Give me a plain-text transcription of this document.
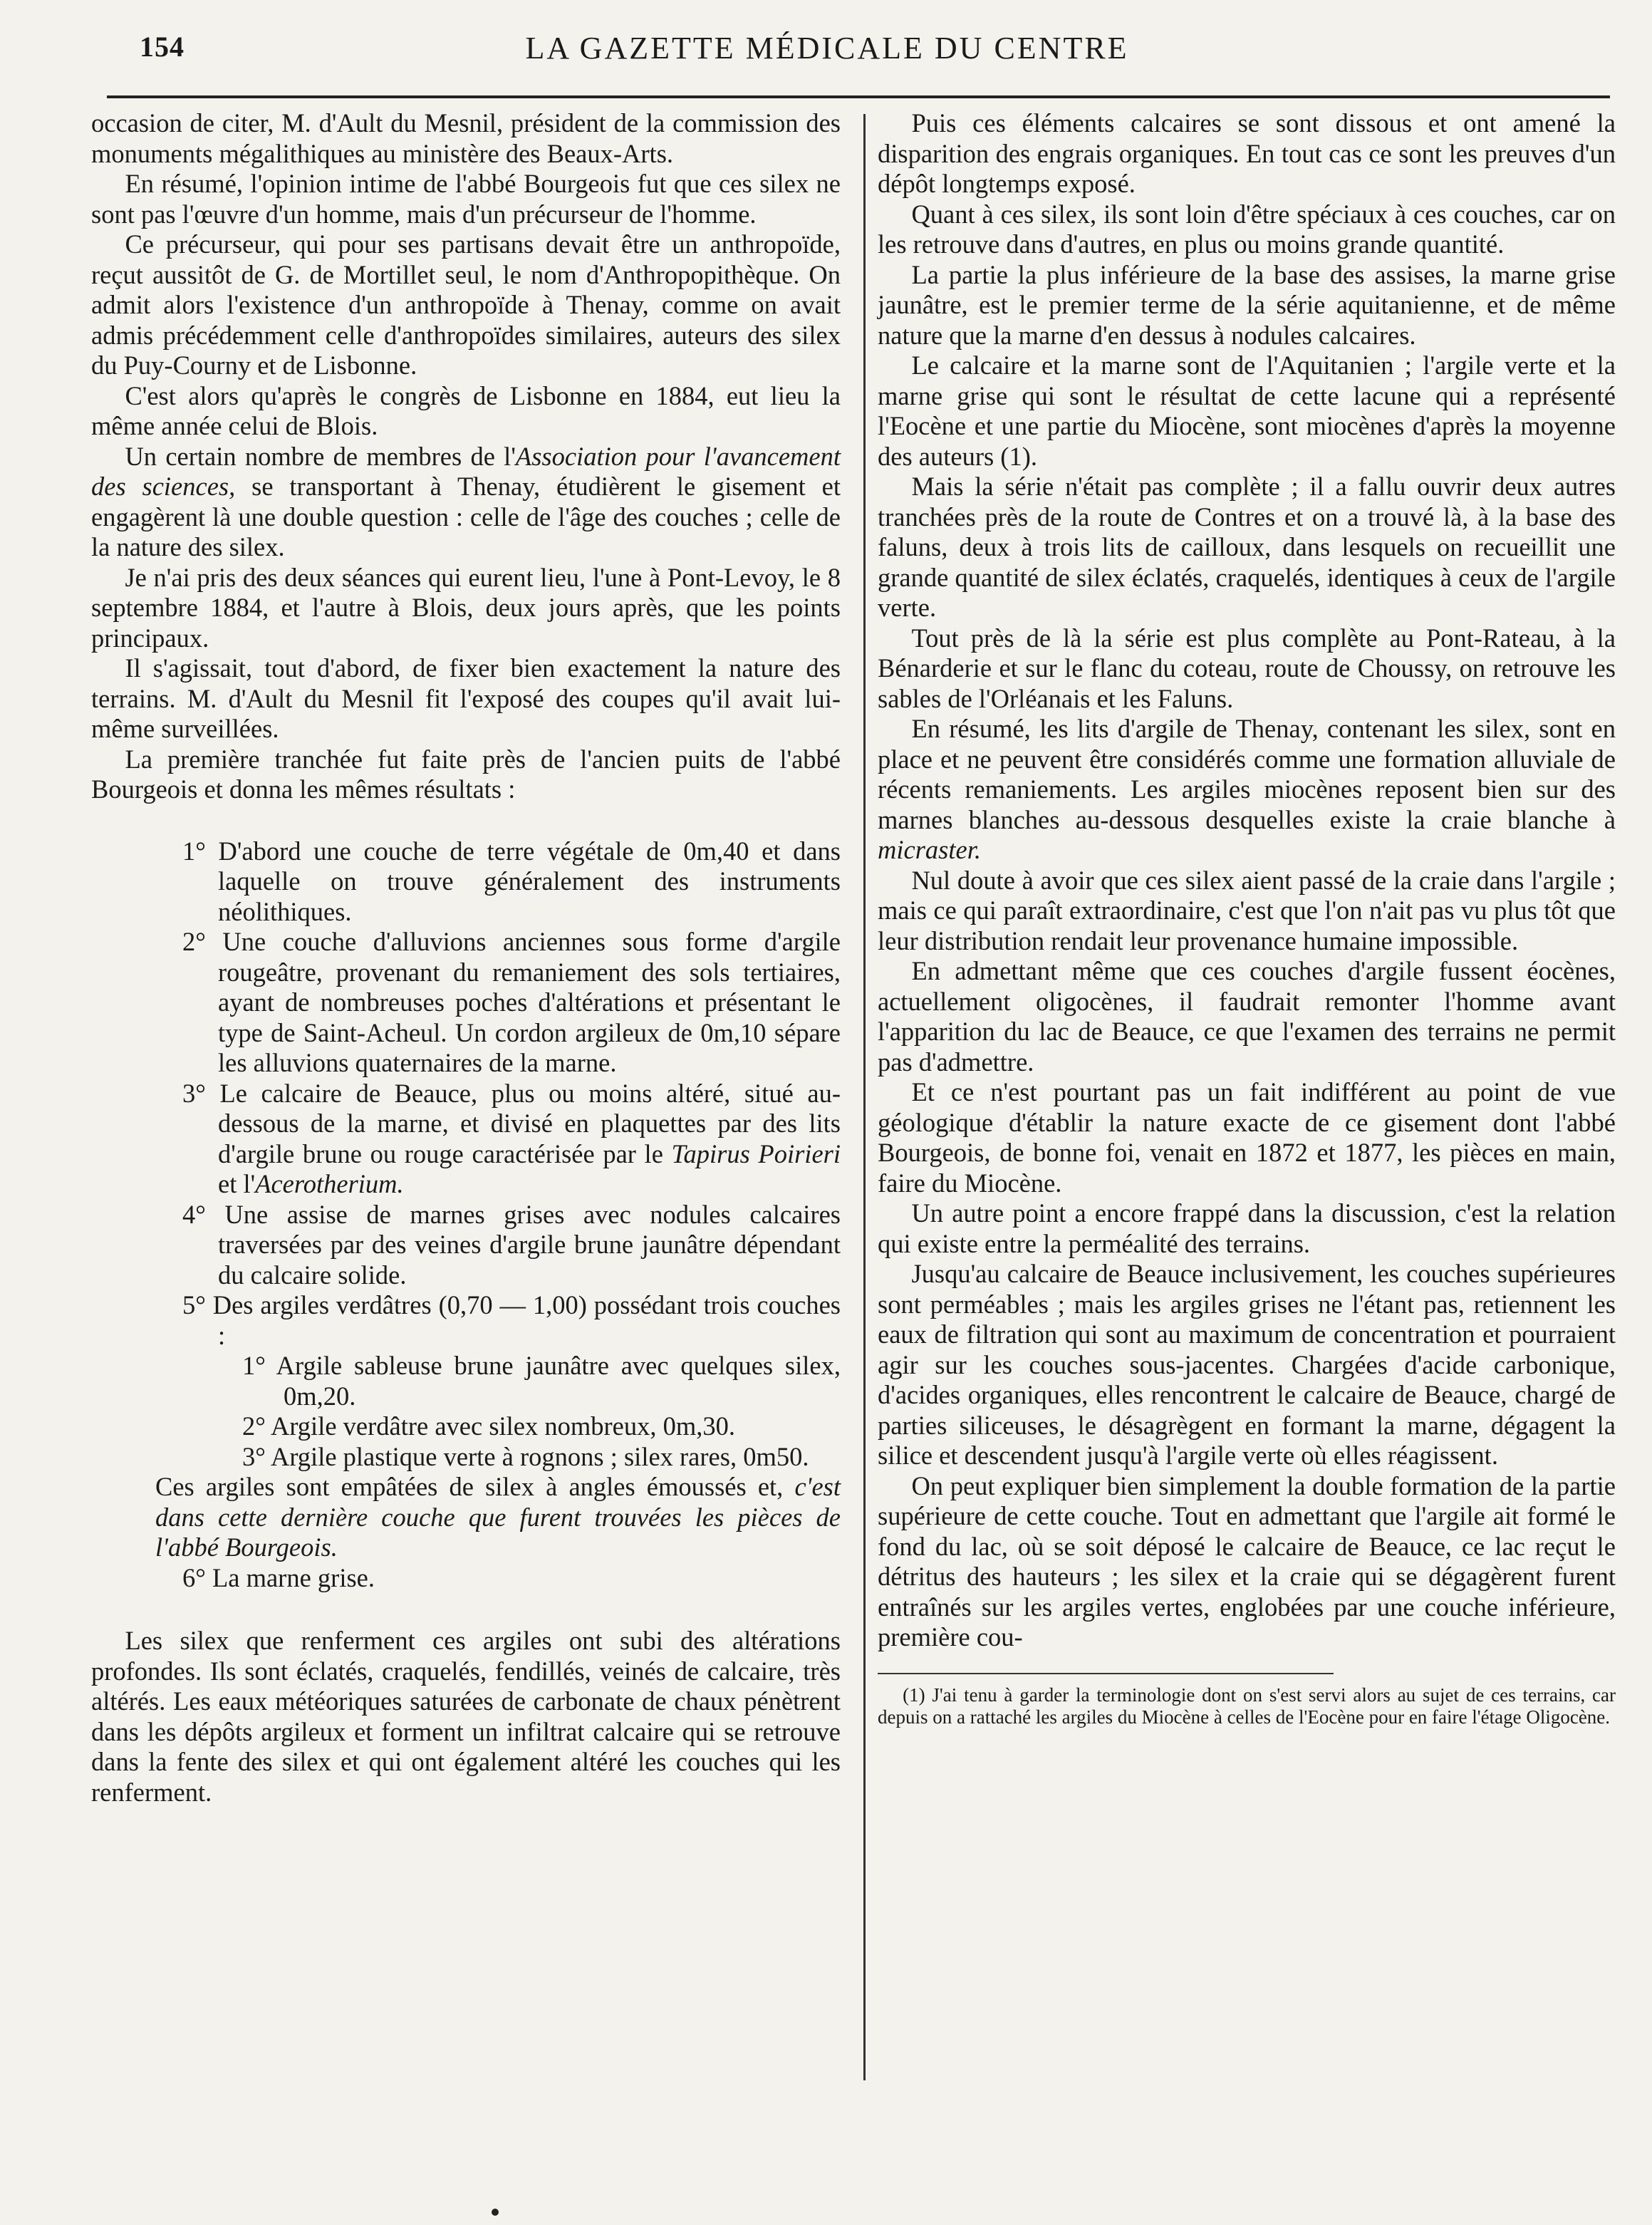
154	LA GAZETTE MÉDICALE DU CENTRE

occasion de citer, M. d'Ault du Mesnil, président de la commission des monuments mégalithiques au ministère des Beaux-Arts.

En résumé, l'opinion intime de l'abbé Bourgeois fut que ces silex ne sont pas l'œuvre d'un homme, mais d'un précurseur de l'homme.

Ce précurseur, qui pour ses partisans devait être un anthropoïde, reçut aussitôt de G. de Mortillet seul, le nom d'Anthropopithèque. On admit alors l'existence d'un anthropoïde à Thenay, comme on avait admis précédemment celle d'anthropoïdes similaires, auteurs des silex du Puy-Courny et de Lisbonne.

C'est alors qu'après le congrès de Lisbonne en 1884, eut lieu la même année celui de Blois.

Un certain nombre de membres de l'Association pour l'avancement des sciences, se transportant à Thenay, étudièrent le gisement et engagèrent là une double question : celle de l'âge des couches ; celle de la nature des silex.

Je n'ai pris des deux séances qui eurent lieu, l'une à Pont-Levoy, le 8 septembre 1884, et l'autre à Blois, deux jours après, que les points principaux.

Il s'agissait, tout d'abord, de fixer bien exactement la nature des terrains. M. d'Ault du Mesnil fit l'exposé des coupes qu'il avait lui-même surveillées.

La première tranchée fut faite près de l'ancien puits de l'abbé Bourgeois et donna les mêmes résultats :

1° D'abord une couche de terre végétale de 0m,40 et dans laquelle on trouve généralement des instruments néolithiques.

2° Une couche d'alluvions anciennes sous forme d'argile rougeâtre, provenant du remaniement des sols tertiaires, ayant de nombreuses poches d'altérations et présentant le type de Saint-Acheul. Un cordon argileux de 0m,10 sépare les alluvions quaternaires de la marne.

3° Le calcaire de Beauce, plus ou moins altéré, situé au-dessous de la marne, et divisé en plaquettes par des lits d'argile brune ou rouge caractérisée par le Tapirus Poirieri et l'Acerotherium.

4° Une assise de marnes grises avec nodules calcaires traversées par des veines d'argile brune jaunâtre dépendant du calcaire solide.

5° Des argiles verdâtres (0,70 — 1,00) possédant trois couches :

1° Argile sableuse brune jaunâtre avec quelques silex, 0m,20.

2° Argile verdâtre avec silex nombreux, 0m,30.

3° Argile plastique verte à rognons ; silex rares, 0m50.

Ces argiles sont empâtées de silex à angles émoussés et, c'est dans cette dernière couche que furent trouvées les pièces de l'abbé Bourgeois.

6° La marne grise.

Les silex que renferment ces argiles ont subi des altérations profondes. Ils sont éclatés, craquelés, fendillés, veinés de calcaire, très altérés. Les eaux météoriques saturées de carbonate de chaux pénètrent dans les dépôts argileux et forment un infiltrat calcaire qui se retrouve dans la fente des silex et qui ont également altéré les couches qui les renferment.

Puis ces éléments calcaires se sont dissous et ont amené la disparition des engrais organiques. En tout cas ce sont les preuves d'un dépôt longtemps exposé.

Quant à ces silex, ils sont loin d'être spéciaux à ces couches, car on les retrouve dans d'autres, en plus ou moins grande quantité.

La partie la plus inférieure de la base des assises, la marne grise jaunâtre, est le premier terme de la série aquitanienne, et de même nature que la marne d'en dessus à nodules calcaires.

Le calcaire et la marne sont de l'Aquitanien ; l'argile verte et la marne grise qui sont le résultat de cette lacune qui a représenté l'Eocène et une partie du Miocène, sont miocènes d'après la moyenne des auteurs (1).

Mais la série n'était pas complète ; il a fallu ouvrir deux autres tranchées près de la route de Contres et on a trouvé là, à la base des faluns, deux à trois lits de cailloux, dans lesquels on recueillit une grande quantité de silex éclatés, craquelés, identiques à ceux de l'argile verte.

Tout près de là la série est plus complète au Pont-Rateau, à la Bénarderie et sur le flanc du coteau, route de Choussy, on retrouve les sables de l'Orléanais et les Faluns.

En résumé, les lits d'argile de Thenay, contenant les silex, sont en place et ne peuvent être considérés comme une formation alluviale de récents remaniements. Les argiles miocènes reposent bien sur des marnes blanches au-dessous desquelles existe la craie blanche à micraster.

Nul doute à avoir que ces silex aient passé de la craie dans l'argile ; mais ce qui paraît extraordinaire, c'est que l'on n'ait pas vu plus tôt que leur distribution rendait leur provenance humaine impossible.

En admettant même que ces couches d'argile fussent éocènes, actuellement oligocènes, il faudrait remonter l'homme avant l'apparition du lac de Beauce, ce que l'examen des terrains ne permit pas d'admettre.

Et ce n'est pourtant pas un fait indifférent au point de vue géologique d'établir la nature exacte de ce gisement dont l'abbé Bourgeois, de bonne foi, venait en 1872 et 1877, les pièces en main, faire du Miocène.

Un autre point a encore frappé dans la discussion, c'est la relation qui existe entre la perméalité des terrains.

Jusqu'au calcaire de Beauce inclusivement, les couches supérieures sont perméables ; mais les argiles grises ne l'étant pas, retiennent les eaux de filtration qui sont au maximum de concentration et pourraient agir sur les couches sous-jacentes. Chargées d'acide carbonique, d'acides organiques, elles rencontrent le calcaire de Beauce, chargé de parties siliceuses, le désagrègent en formant la marne, dégagent la silice et descendent jusqu'à l'argile verte où elles réagissent.

On peut expliquer bien simplement la double formation de la partie supérieure de cette couche. Tout en admettant que l'argile ait formé le fond du lac, où se soit déposé le calcaire de Beauce, ce lac reçut le détritus des hauteurs ; les silex et la craie qui se dégagèrent furent entraînés sur les argiles vertes, englobées par une couche inférieure, première cou-

(1) J'ai tenu à garder la terminologie dont on s'est servi alors au sujet de ces terrains, car depuis on a rattaché les argiles du Miocène à celles de l'Eocène pour en faire l'étage Oligocène.
